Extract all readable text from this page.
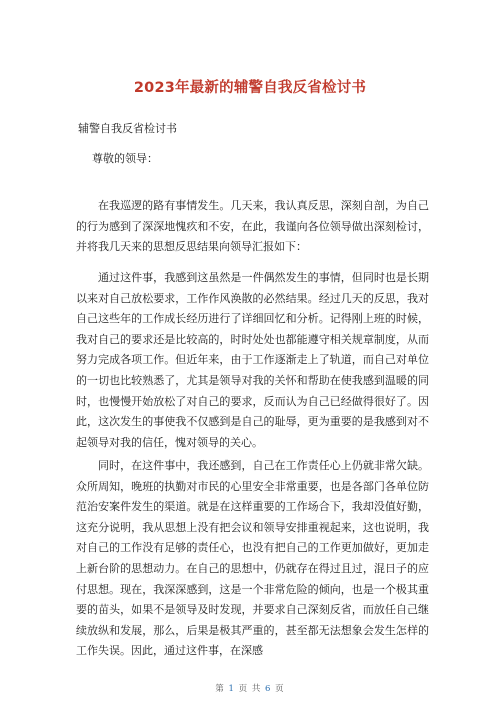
2023年最新的辅警自我反省检讨书
辅警自我反省检讨书
尊敬的领导：

在我巡逻的路有事情发生。几天来，我认真反思，深刻自剖，为自己的行为感到了深深地愧疚和不安，在此，我谨向各位领导做出深刻检讨，并将我几天来的思想反思结果向领导汇报如下：

通过这件事，我感到这虽然是一件偶然发生的事情，但同时也是长期以来对自己放松要求，工作作风涣散的必然结果。经过几天的反思，我对自己这些年的工作成长经历进行了详细回忆和分析。记得刚上班的时候，我对自己的要求还是比较高的，时时处处也都能遵守相关规章制度，从而努力完成各项工作。但近年来，由于工作逐渐走上了轨道，而自己对单位的一切也比较熟悉了，尤其是领导对我的关怀和帮助在使我感到温暖的同时，也慢慢开始放松了对自己的要求，反而认为自己已经做得很好了。因此，这次发生的事使我不仅感到是自己的耻辱，更为重要的是我感到对不起领导对我的信任，愧对领导的关心。

同时，在这件事中，我还感到，自己在工作责任心上仍就非常欠缺。众所周知，晚班的执勤对市民的心里安全非常重要，也是各部门各单位防范治安案件发生的渠道。就是在这样重要的工作场合下，我却没值好勤，这充分说明，我从思想上没有把会议和领导安排重视起来，这也说明，我对自己的工作没有足够的责任心，也没有把自己的工作更加做好，更加走上新台阶的思想动力。在自己的思想中，仍就存在得过且过，混日子的应付思想。现在，我深深感到，这是一个非常危险的倾向，也是一个极其重要的苗头，如果不是领导及时发现，并要求自己深刻反省，而放任自己继续放纵和发展，那么，后果是极其严重的，甚至都无法想象会发生怎样的工作失误。因此，通过这件事，在深感

第 1 页 共 6 页
